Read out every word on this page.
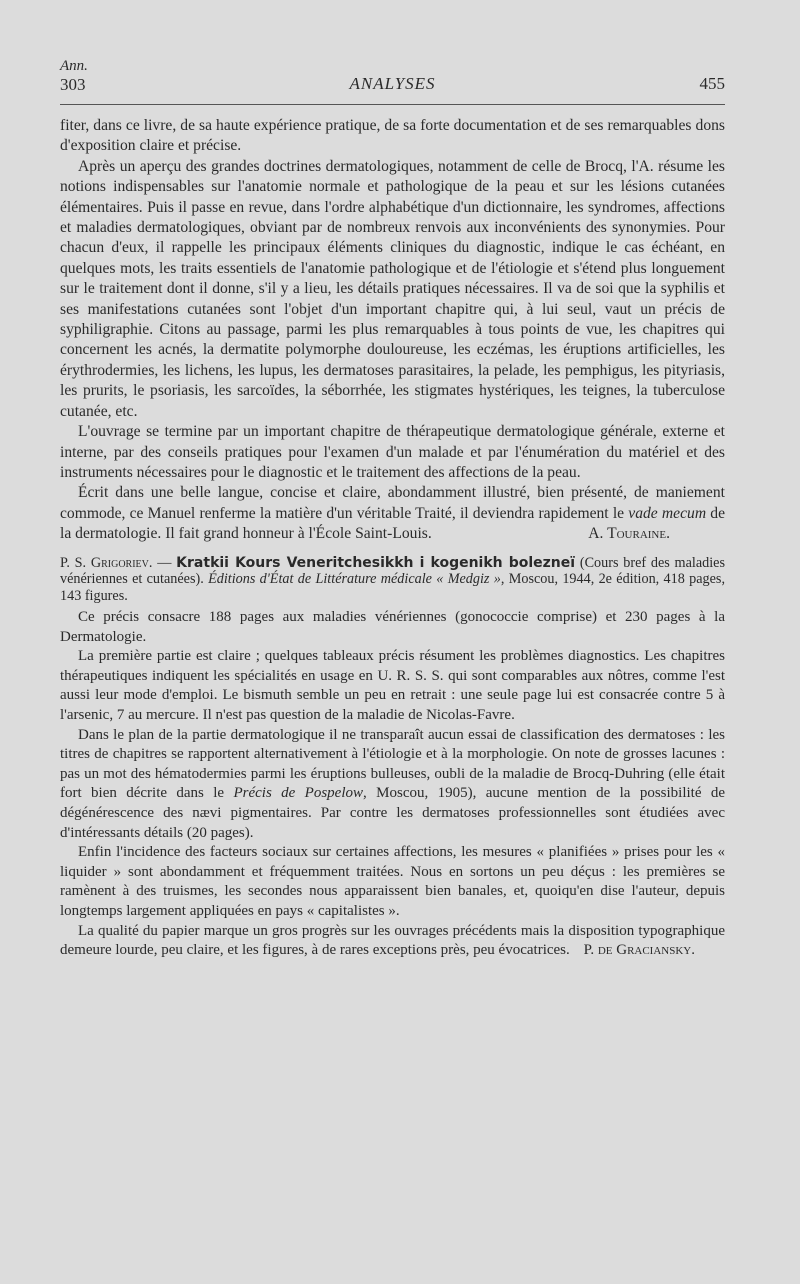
Ann.
303	ANALYSES	455

fiter, dans ce livre, de sa haute expérience pratique, de sa forte documentation et de ses remarquables dons d'exposition claire et précise.

Après un aperçu des grandes doctrines dermatologiques, notamment de celle de Brocq, l'A. résume les notions indispensables sur l'anatomie normale et pathologique de la peau et sur les lésions cutanées élémentaires. Puis il passe en revue, dans l'ordre alphabétique d'un dictionnaire, les syndromes, affections et maladies dermatologiques, obviant par de nombreux renvois aux inconvénients des synonymies. Pour chacun d'eux, il rappelle les principaux éléments cliniques du diagnostic, indique le cas échéant, en quelques mots, les traits essentiels de l'anatomie pathologique et de l'étiologie et s'étend plus longuement sur le traitement dont il donne, s'il y a lieu, les détails pratiques nécessaires. Il va de soi que la syphilis et ses manifestations cutanées sont l'objet d'un important chapitre qui, à lui seul, vaut un précis de syphiligraphie. Citons au passage, parmi les plus remarquables à tous points de vue, les chapitres qui concernent les acnés, la dermatite polymorphe douloureuse, les eczémas, les éruptions artificielles, les érythrodermies, les lichens, les lupus, les dermatoses parasitaires, la pelade, les pemphigus, les pityriasis, les prurits, le psoriasis, les sarcoïdes, la séborrhée, les stigmates hystériques, les teignes, la tuberculose cutanée, etc.

L'ouvrage se termine par un important chapitre de thérapeutique dermatologique générale, externe et interne, par des conseils pratiques pour l'examen d'un malade et par l'énumération du matériel et des instruments nécessaires pour le diagnostic et le traitement des affections de la peau.

Écrit dans une belle langue, concise et claire, abondamment illustré, bien présenté, de maniement commode, ce Manuel renferme la matière d'un véritable Traité, il deviendra rapidement le vade mecum de la dermatologie. Il fait grand honneur à l'École Saint-Louis.	A. Touraine.

P. S. Grigoriev. — Kratkii Kours Veneritchesikkh i kogenikh bolezneï (Cours bref des maladies vénériennes et cutanées). Éditions d'État de Littérature médicale « Medgiz », Moscou, 1944, 2e édition, 418 pages, 143 figures.

Ce précis consacre 188 pages aux maladies vénériennes (gonococcie comprise) et 230 pages à la Dermatologie.

La première partie est claire ; quelques tableaux précis résument les problèmes diagnostics. Les chapitres thérapeutiques indiquent les spécialités en usage en U. R. S. S. qui sont comparables aux nôtres, comme l'est aussi leur mode d'emploi. Le bismuth semble un peu en retrait : une seule page lui est consacrée contre 5 à l'arsenic, 7 au mercure. Il n'est pas question de la maladie de Nicolas-Favre.

Dans le plan de la partie dermatologique il ne transparaît aucun essai de classification des dermatoses : les titres de chapitres se rapportent alternativement à l'étiologie et à la morphologie. On note de grosses lacunes : pas un mot des hématodermies parmi les éruptions bulleuses, oubli de la maladie de Brocq-Duhring (elle était fort bien décrite dans le Précis de Pospelow, Moscou, 1905), aucune mention de la possibilité de dégénérescence des nævi pigmentaires. Par contre les dermatoses professionnelles sont étudiées avec d'intéressants détails (20 pages).

Enfin l'incidence des facteurs sociaux sur certaines affections, les mesures « planifiées » prises pour les « liquider » sont abondamment et fréquemment traitées. Nous en sortons un peu déçus : les premières se ramènent à des truismes, les secondes nous apparaissent bien banales, et, quoiqu'en dise l'auteur, depuis longtemps largement appliquées en pays « capitalistes ».

La qualité du papier marque un gros progrès sur les ouvrages précédents mais la disposition typographique demeure lourde, peu claire, et les figures, à de rares exceptions près, peu évocatrices. P. de Graciansky.
